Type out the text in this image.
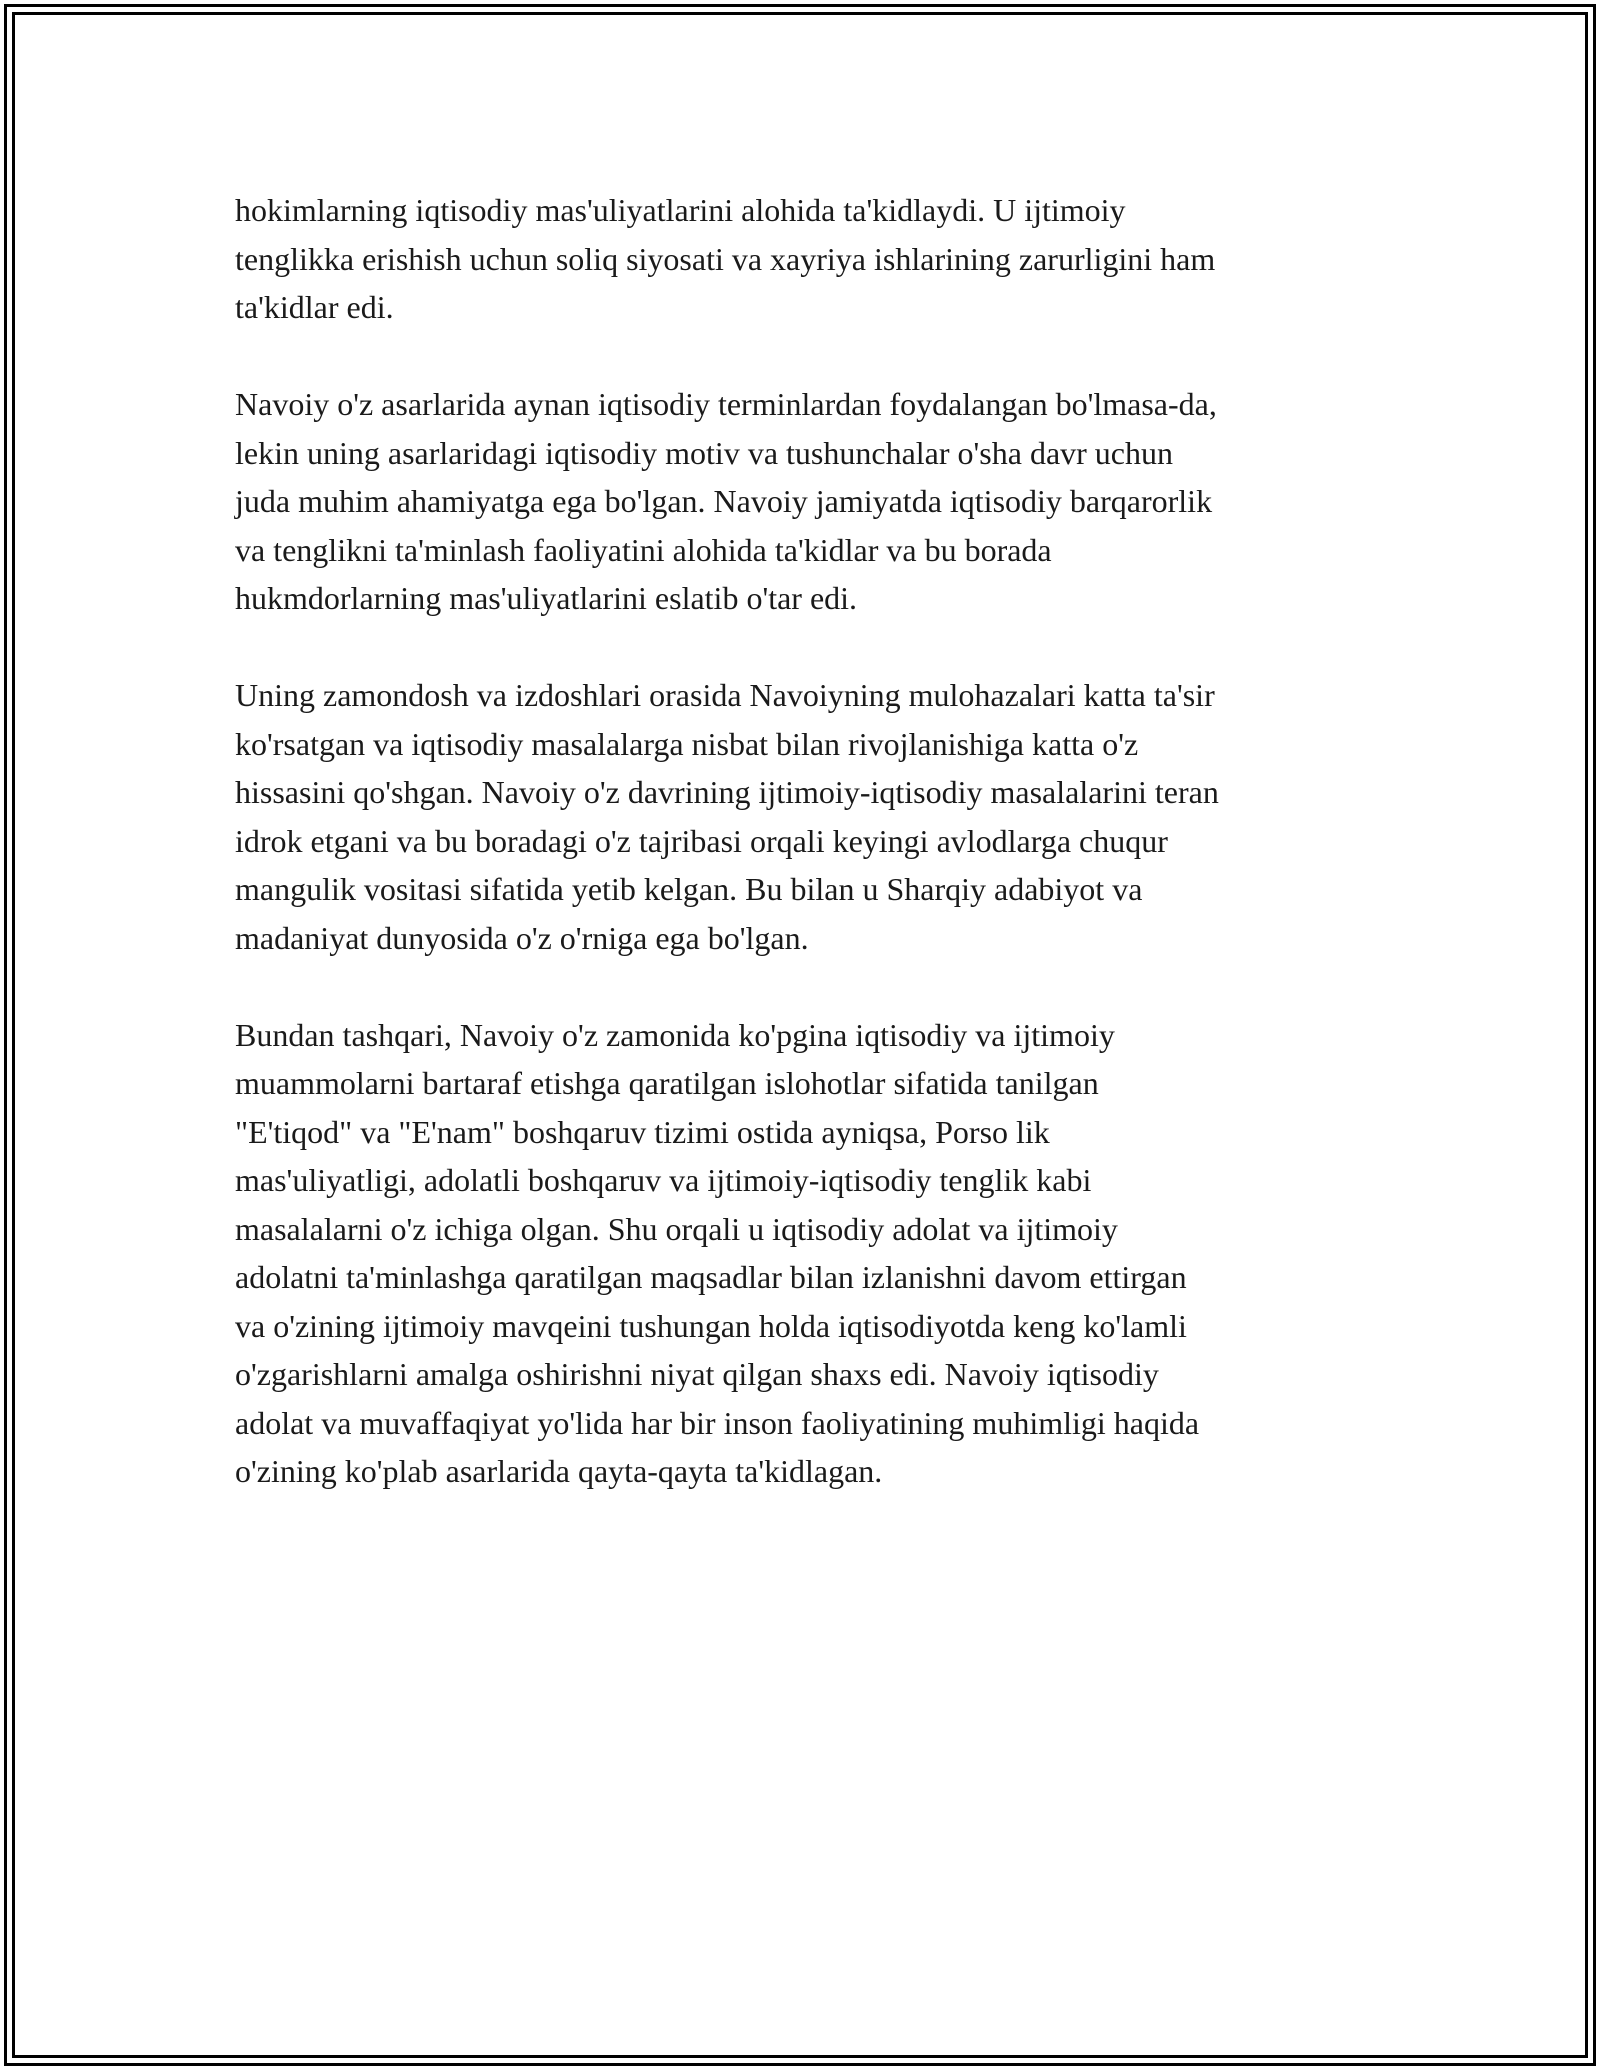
hokimlarning iqtisodiy mas'uliyatlarini alohida ta'kidlaydi. U ijtimoiy
tenglikka erishish uchun soliq siyosati va xayriya ishlarining zarurligini ham
ta'kidlar edi.

Navoiy o'z asarlarida aynan iqtisodiy terminlardan foydalangan bo'lmasa-da,
lekin uning asarlaridagi iqtisodiy motiv va tushunchalar o'sha davr uchun
juda muhim ahamiyatga ega bo'lgan. Navoiy jamiyatda iqtisodiy barqarorlik
va tenglikni ta'minlash faoliyatini alohida ta'kidlar va bu borada
hukmdorlarning mas'uliyatlarini eslatib o'tar edi.

Uning zamondosh va izdoshlari orasida Navoiyning mulohazalari katta ta'sir
ko'rsatgan va iqtisodiy masalalarga nisbat bilan rivojlanishiga katta o'z
hissasini qo'shgan. Navoiy o'z davrining ijtimoiy-iqtisodiy masalalarini teran
idrok etgani va bu boradagi o'z tajribasi orqali keyingi avlodlarga chuqur
mangulik vositasi sifatida yetib kelgan. Bu bilan u Sharqiy adabiyot va
madaniyat dunyosida o'z o'rniga ega bo'lgan.

Bundan tashqari, Navoiy o'z zamonida ko'pgina iqtisodiy va ijtimoiy
muammolarni bartaraf etishga qaratilgan islohotlar sifatida tanilgan
"E'tiqod" va "E'nam" boshqaruv tizimi ostida ayniqsa, Porso lik
mas'uliyatligi, adolatli boshqaruv va ijtimoiy-iqtisodiy tenglik kabi
masalalarni o'z ichiga olgan. Shu orqali u iqtisodiy adolat va ijtimoiy
adolatni ta'minlashga qaratilgan maqsadlar bilan izlanishni davom ettirgan
va o'zining ijtimoiy mavqeini tushungan holda iqtisodiyotda keng ko'lamli
o'zgarishlarni amalga oshirishni niyat qilgan shaxs edi. Navoiy iqtisodiy
adolat va muvaffaqiyat yo'lida har bir inson faoliyatining muhimligi haqida
o'zining ko'plab asarlarida qayta-qayta ta'kidlagan.
